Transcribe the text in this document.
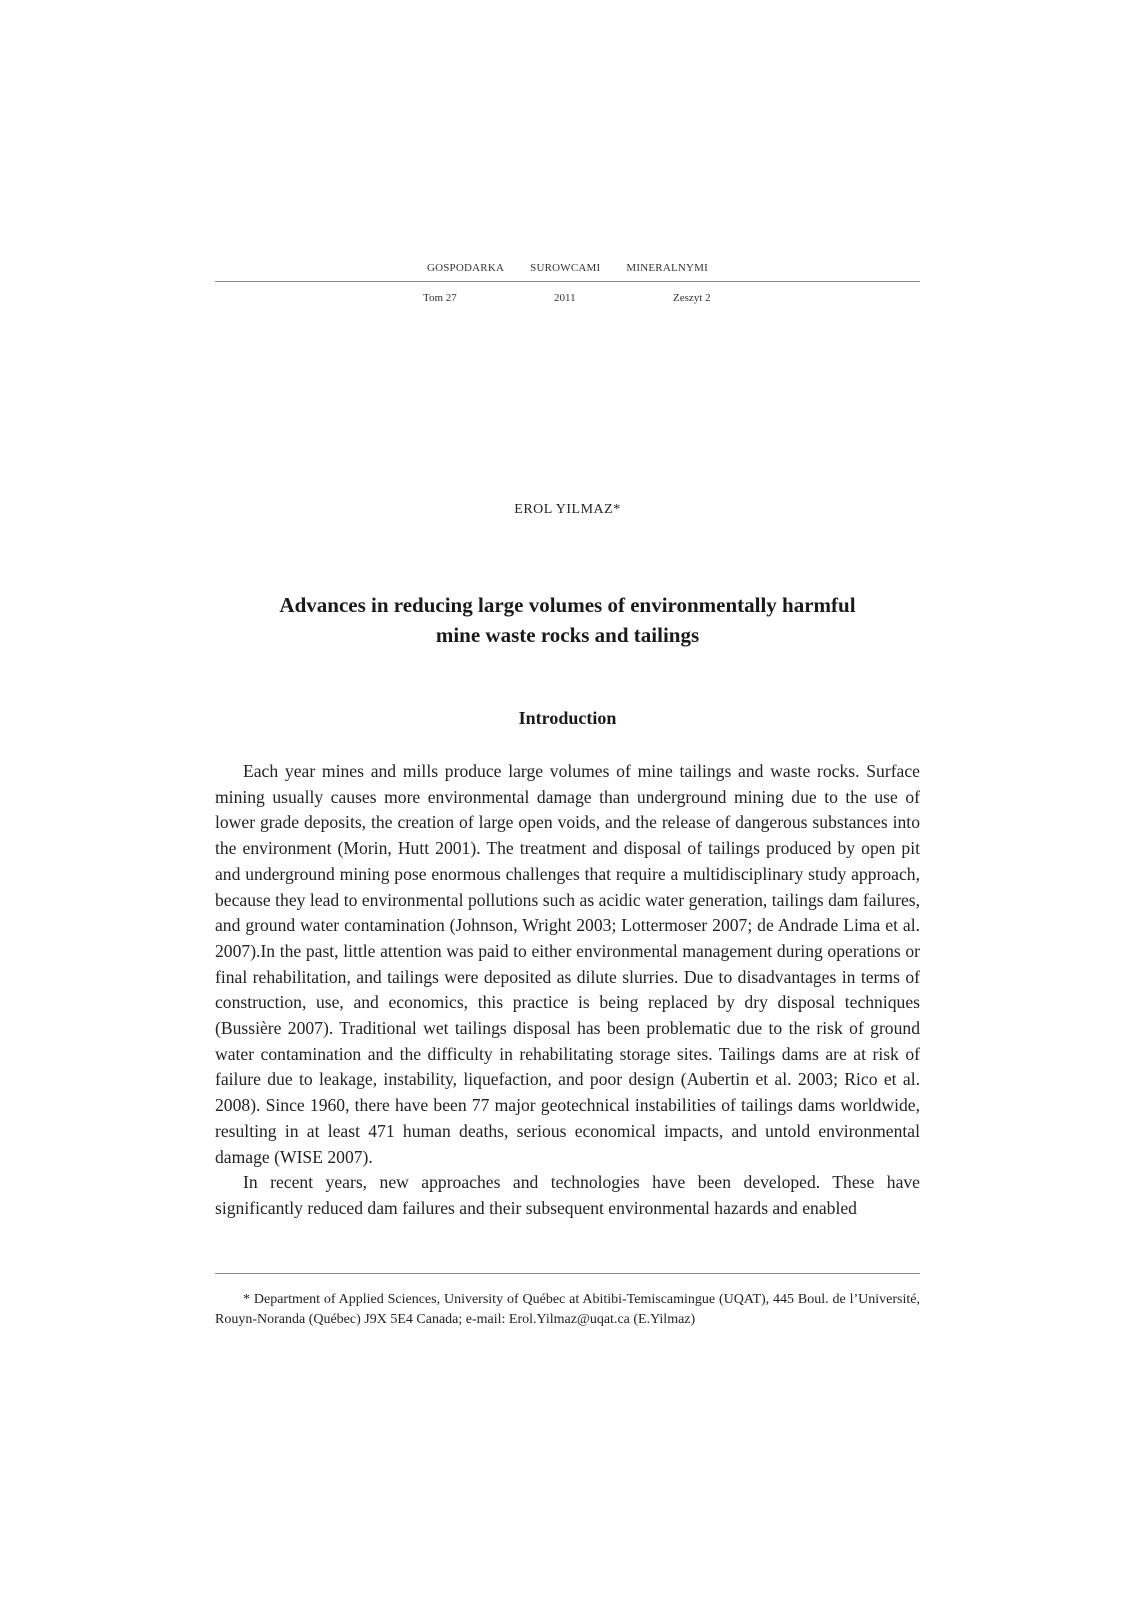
GOSPODARKA SUROWCAMI MINERALNYMI
Tom 27	2011	Zeszyt 2
EROL YILMAZ*
Advances in reducing large volumes of environmentally harmful
mine waste rocks and tailings
Introduction

Each year mines and mills produce large volumes of mine tailings and waste rocks. Surface mining usually causes more environmental damage than underground mining due to the use of lower grade deposits, the creation of large open voids, and the release of dangerous substances into the environment (Morin, Hutt 2001). The treatment and disposal of tailings produced by open pit and underground mining pose enormous challenges that require a multidisciplinary study approach, because they lead to environmental pollutions such as acidic water generation, tailings dam failures, and ground water contamination (Johnson, Wright 2003; Lottermoser 2007; de Andrade Lima et al. 2007).In the past, little attention was paid to either environmental management during operations or final rehabilitation, and tailings were deposited as dilute slurries. Due to disadvantages in terms of construction, use, and economics, this practice is being replaced by dry disposal techniques (Bussière 2007). Traditional wet tailings disposal has been problematic due to the risk of ground water contamination and the difficulty in rehabilitating storage sites. Tailings dams are at risk of failure due to leakage, instability, liquefaction, and poor design (Aubertin et al. 2003; Rico et al. 2008). Since 1960, there have been 77 major geotechnical instabilities of tailings dams worldwide, resulting in at least 471 human deaths, serious economical impacts, and untold environmental damage (WISE 2007).

In recent years, new approaches and technologies have been developed. These have significantly reduced dam failures and their subsequent environmental hazards and enabled

* Department of Applied Sciences, University of Québec at Abitibi-Temiscamingue (UQAT), 445 Boul. de l’Université, Rouyn-Noranda (Québec) J9X 5E4 Canada; e-mail: Erol.Yilmaz@uqat.ca (E.Yilmaz)
